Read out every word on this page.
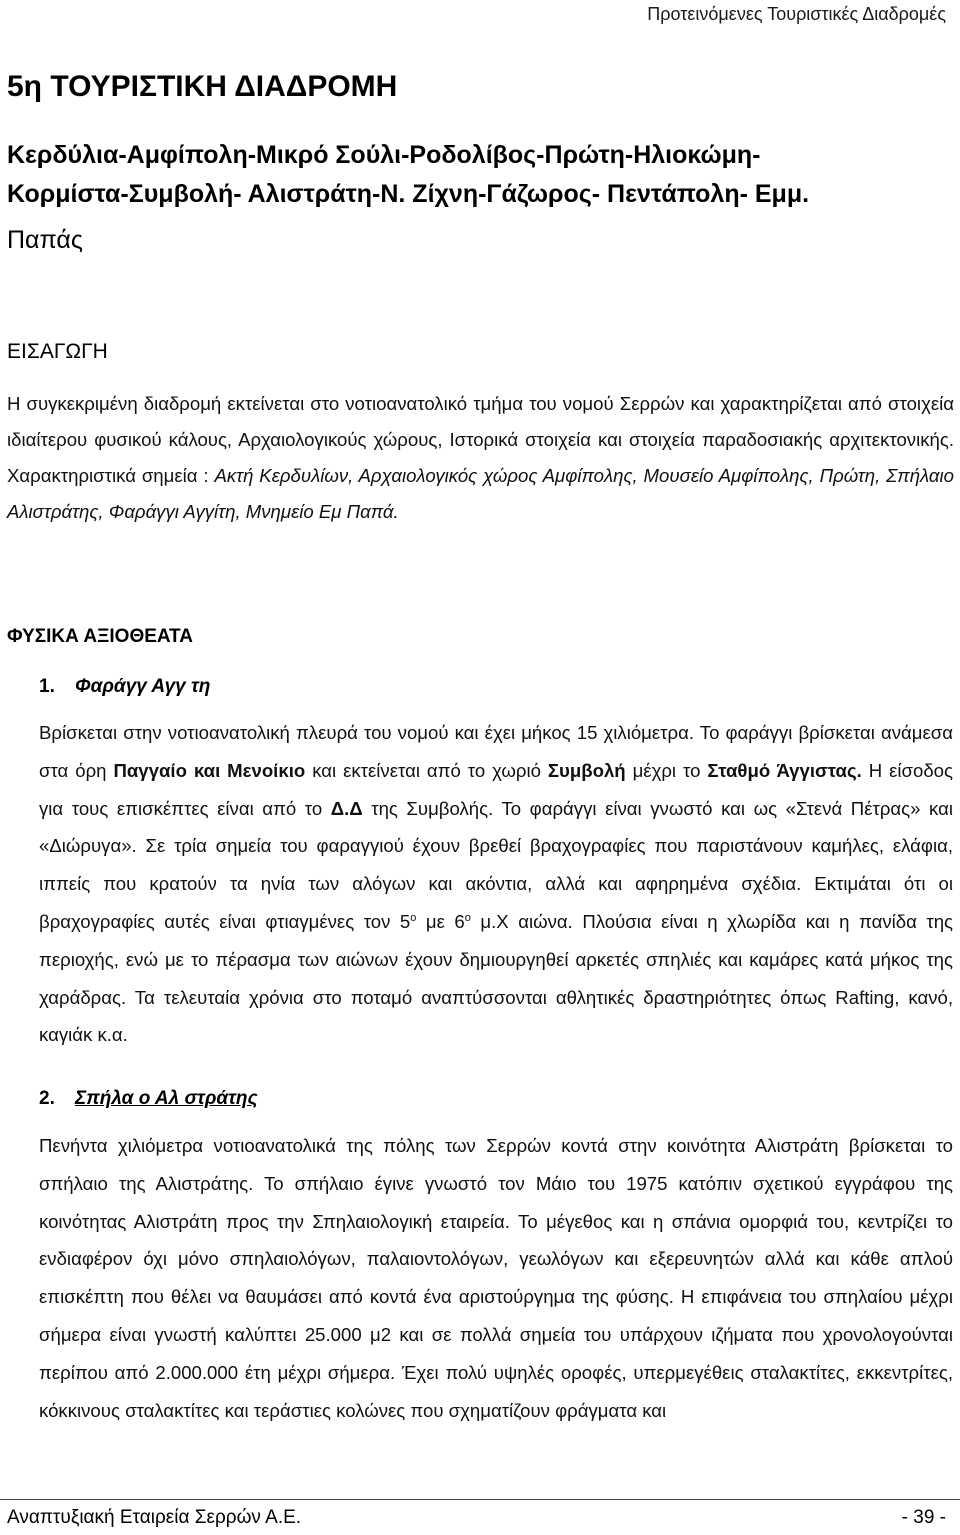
Προτεινόμενες Τουριστικές Διαδρομές
5η ΤΟΥΡΙΣΤΙΚΗ ΔΙΑΔΡΟΜΗ
Κερδύλια-Αμφίπολη-Μικρό Σούλι-Ροδολίβος-Πρώτη-Ηλιοκώμη-
Κορμίστα-Συμβολή- Αλιστράτη-Ν. Ζίχνη-Γάζωρος- Πεντάπολη- Εμμ.
Παπάς
ΕΙΣΑΓΩΓΗ

Η συγκεκριμένη διαδρομή εκτείνεται στο νοτιοανατολικό τμήμα του νομού Σερρών και χαρακτηρίζεται από στοιχεία ιδιαίτερου φυσικού κάλους, Αρχαιολογικούς χώρους, Ιστορικά στοιχεία και στοιχεία παραδοσιακής αρχιτεκτονικής. Χαρακτηριστικά σημεία : Ακτή Κερδυλίων, Αρχαιολογικός χώρος Αμφίπολης, Μουσείο Αμφίπολης, Πρώτη, Σπήλαιο Αλιστράτης, Φαράγγι Αγγίτη, Μνημείο Εμ Παπά.

ΦΥΣΙΚΑ ΑΞΙΟΘΕΑΤΑ
1. Φαράγγ Αγγ τη

Βρίσκεται στην νοτιοανατολική πλευρά του νομού και έχει μήκος 15 χιλιόμετρα. Το φαράγγι βρίσκεται ανάμεσα στα όρη Παγγαίο και Μενοίκιο και εκτείνεται από το χωριό Συμβολή μέχρι το Σταθμό Άγγιστας. Η είσοδος για τους επισκέπτες είναι από το Δ.Δ της Συμβολής. Το φαράγγι είναι γνωστό και ως «Στενά Πέτρας» και «Διώρυγα». Σε τρία σημεία του φαραγγιού έχουν βρεθεί βραχογραφίες που παριστάνουν καμήλες, ελάφια, ιππείς που κρατούν τα ηνία των αλόγων και ακόντια, αλλά και αφηρημένα σχέδια. Εκτιμάται ότι οι βραχογραφίες αυτές είναι φτιαγμένες τον $5^o$ με $6^o$ μ.Χ αιώνα. Πλούσια είναι η χλωρίδα και η πανίδα της περιοχής, ενώ με το πέρασμα των αιώνων έχουν δημιουργηθεί αρκετές σπηλιές και καμάρες κατά μήκος της χαράδρας. Τα τελευταία χρόνια στο ποταμό αναπτύσσονται αθλητικές δραστηριότητες όπως Rafting, κανό, καγιάκ κ.α.

2. Σπήλα ο Αλ στράτης

Πενήντα χιλιόμετρα νοτιοανατολικά της πόλης των Σερρών κοντά στην κοινότητα Αλιστράτη βρίσκεται το σπήλαιο της Αλιστράτης. Το σπήλαιο έγινε γνωστό τον Μάιο του 1975 κατόπιν σχετικού εγγράφου της κοινότητας Αλιστράτη προς την Σπηλαιολογική εταιρεία. Το μέγεθος και η σπάνια ομορφιά του, κεντρίζει το ενδιαφέρον όχι μόνο σπηλαιολόγων, παλαιοντολόγων, γεωλόγων και εξερευνητών αλλά και κάθε απλού επισκέπτη που θέλει να θαυμάσει από κοντά ένα αριστούργημα της φύσης. Η επιφάνεια του σπηλαίου μέχρι σήμερα είναι γνωστή καλύπτει 25.000 μ2 και σε πολλά σημεία του υπάρχουν ιζήματα που χρονολογούνται περίπου από 2.000.000 έτη μέχρι σήμερα. Έχει πολύ υψηλές οροφές, υπερμεγέθεις σταλακτίτες, εκκεντρίτες, κόκκινους σταλακτίτες και τεράστιες κολώνες που σχηματίζουν φράγματα και

Αναπτυξιακή Εταιρεία Σερρών Α.Ε.	- 39 -
